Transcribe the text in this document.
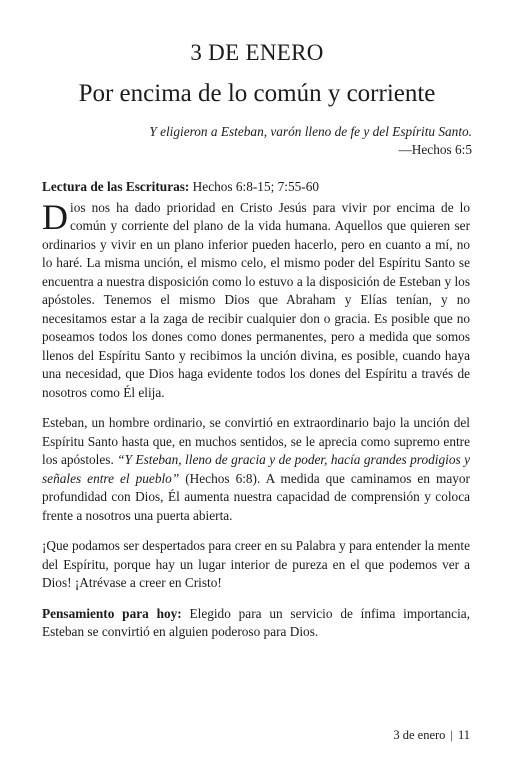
3 DE ENERO
Por encima de lo común y corriente
Y eligieron a Esteban, varón lleno de fe y del Espíritu Santo.
—Hechos 6:5

Lectura de las Escrituras: Hechos 6:8-15; 7:55-60

Dios nos ha dado prioridad en Cristo Jesús para vivir por encima de lo común y corriente del plano de la vida humana. Aquellos que quieren ser ordinarios y vivir en un plano inferior pueden hacerlo, pero en cuanto a mí, no lo haré. La misma unción, el mismo celo, el mismo poder del Espíritu Santo se encuentra a nuestra disposición como lo estuvo a la disposición de Esteban y los apóstoles. Tenemos el mismo Dios que Abraham y Elías tenían, y no necesitamos estar a la zaga de recibir cualquier don o gracia. Es posible que no poseamos todos los dones como dones permanentes, pero a medida que somos llenos del Espíritu Santo y recibimos la unción divina, es posible, cuando haya una necesidad, que Dios haga evidente todos los dones del Espíritu a través de nosotros como Él elija.

Esteban, un hombre ordinario, se convirtió en extraordinario bajo la unción del Espíritu Santo hasta que, en muchos sentidos, se le aprecia como supremo entre los apóstoles. “Y Esteban, lleno de gracia y de poder, hacía grandes prodigios y señales entre el pueblo” (Hechos 6:8). A medida que caminamos en mayor profundidad con Dios, Él aumenta nuestra capacidad de comprensión y coloca frente a nosotros una puerta abierta.

¡Que podamos ser despertados para creer en su Palabra y para entender la mente del Espíritu, porque hay un lugar interior de pureza en el que podemos ver a Dios! ¡Atrévase a creer en Cristo!

Pensamiento para hoy: Elegido para un servicio de ínfima importancia, Esteban se convirtió en alguien poderoso para Dios.

3 de enero | 11
